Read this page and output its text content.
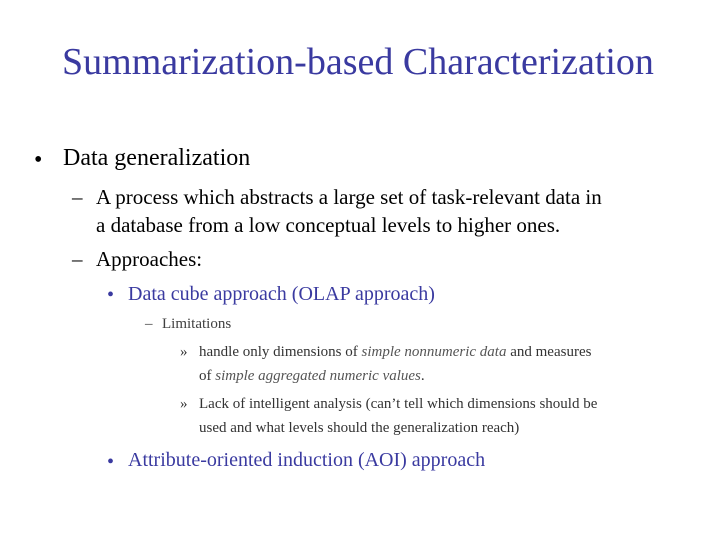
Summarization-based Characterization
• Data generalization
– A process which abstracts a large set of task-relevant data in
a database from a low conceptual levels to higher ones.
– Approaches:
• Data cube approach (OLAP approach)
– Limitations
» handle only dimensions of simple nonnumeric data and measures
of simple aggregated numeric values.
» Lack of intelligent analysis (can’t tell which dimensions should be
used and what levels should the generalization reach)
• Attribute-oriented induction (AOI) approach
